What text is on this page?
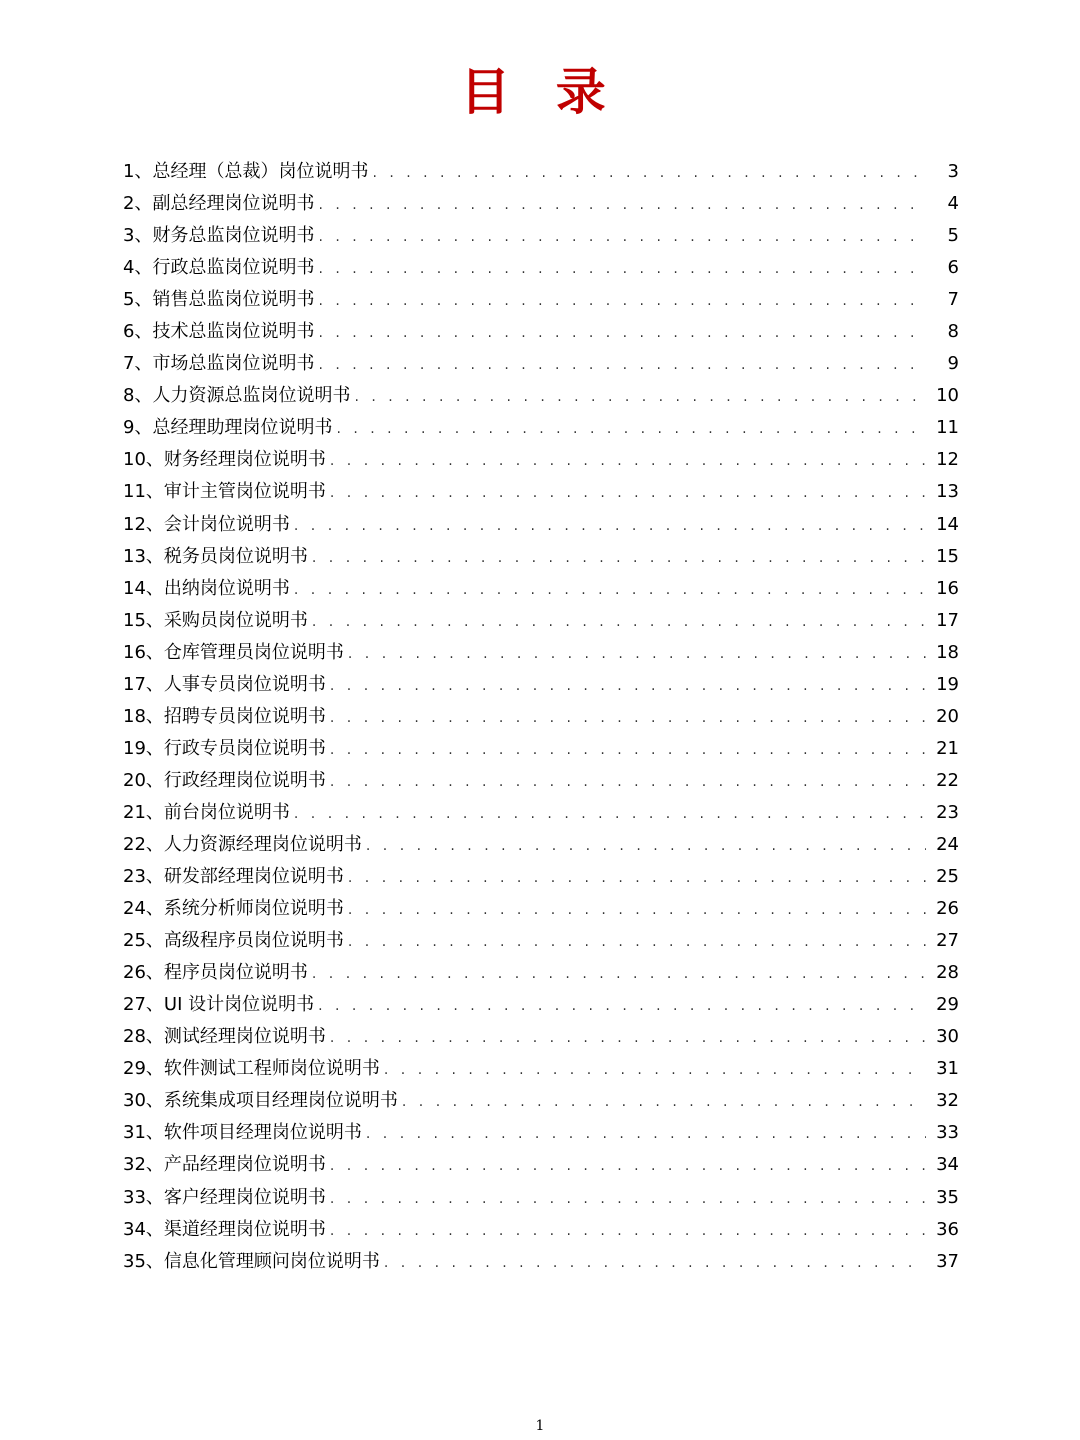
目 录
1、总经理（总裁）岗位说明书 . . .	3
2、副总经理岗位说明书 . . .	4
3、财务总监岗位说明书 . . .	5
4、行政总监岗位说明书 . . .	6
5、销售总监岗位说明书 . . .	7
6、技术总监岗位说明书 . . .	8
7、市场总监岗位说明书 . . .	9
8、人力资源总监岗位说明书 . . .	10
9、总经理助理岗位说明书 . . .	11
10、财务经理岗位说明书 . . .	12
11、审计主管岗位说明书 . . .	13
12、会计岗位说明书 . . .	14
13、税务员岗位说明书 . . .	15
14、出纳岗位说明书 . . .	16
15、采购员岗位说明书 . . .	17
16、仓库管理员岗位说明书 . . .	18
17、人事专员岗位说明书 . . .	19
18、招聘专员岗位说明书 . . .	20
19、行政专员岗位说明书 . . .	21
20、行政经理岗位说明书 . . .	22
21、前台岗位说明书 . . .	23
22、人力资源经理岗位说明书 . . .	24
23、研发部经理岗位说明书 . . .	25
24、系统分析师岗位说明书 . . .	26
25、高级程序员岗位说明书 . . .	27
26、程序员岗位说明书 . . .	28
27、UI 设计岗位说明书 . . .	29
28、测试经理岗位说明书 . . .	30
29、软件测试工程师岗位说明书 . . .	31
30、系统集成项目经理岗位说明书 . . .	32
31、软件项目经理岗位说明书 . . .	33
32、产品经理岗位说明书 . . .	34
33、客户经理岗位说明书 . . .	35
34、渠道经理岗位说明书 . . .	36
35、信息化管理顾问岗位说明书 . . .	37
1
